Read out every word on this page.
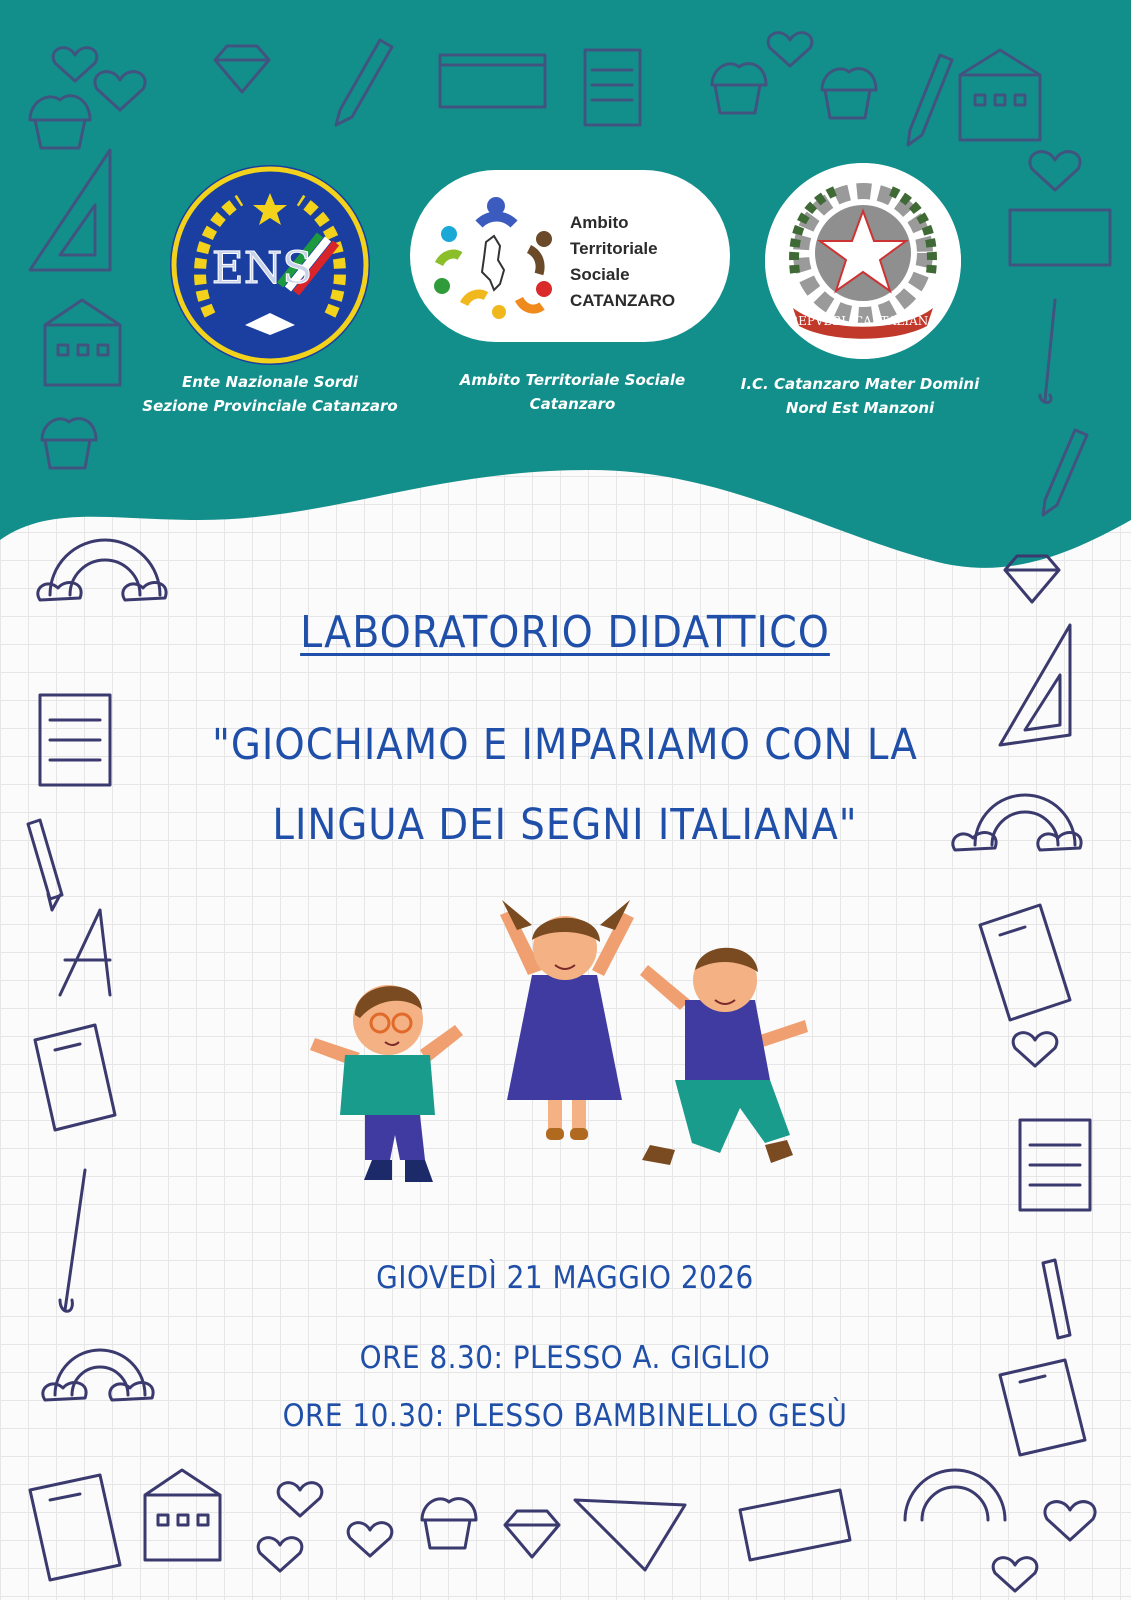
ENS
Ambito
Territoriale
Sociale
CATANZARO
REPVBBLICA ITALIANA
Ente Nazionale Sordi
Sezione Provinciale Catanzaro
Ambito Territoriale Sociale
Catanzaro
I.C. Catanzaro Mater Domini
Nord Est Manzoni
LABORATORIO DIDATTICO
"GIOCHIAMO E IMPARIAMO CON LA
LINGUA DEI SEGNI ITALIANA"
GIOVEDÌ 21 MAGGIO 2026
ORE 8.30: PLESSO A. GIGLIO
ORE 10.30: PLESSO BAMBINELLO GESÙ
